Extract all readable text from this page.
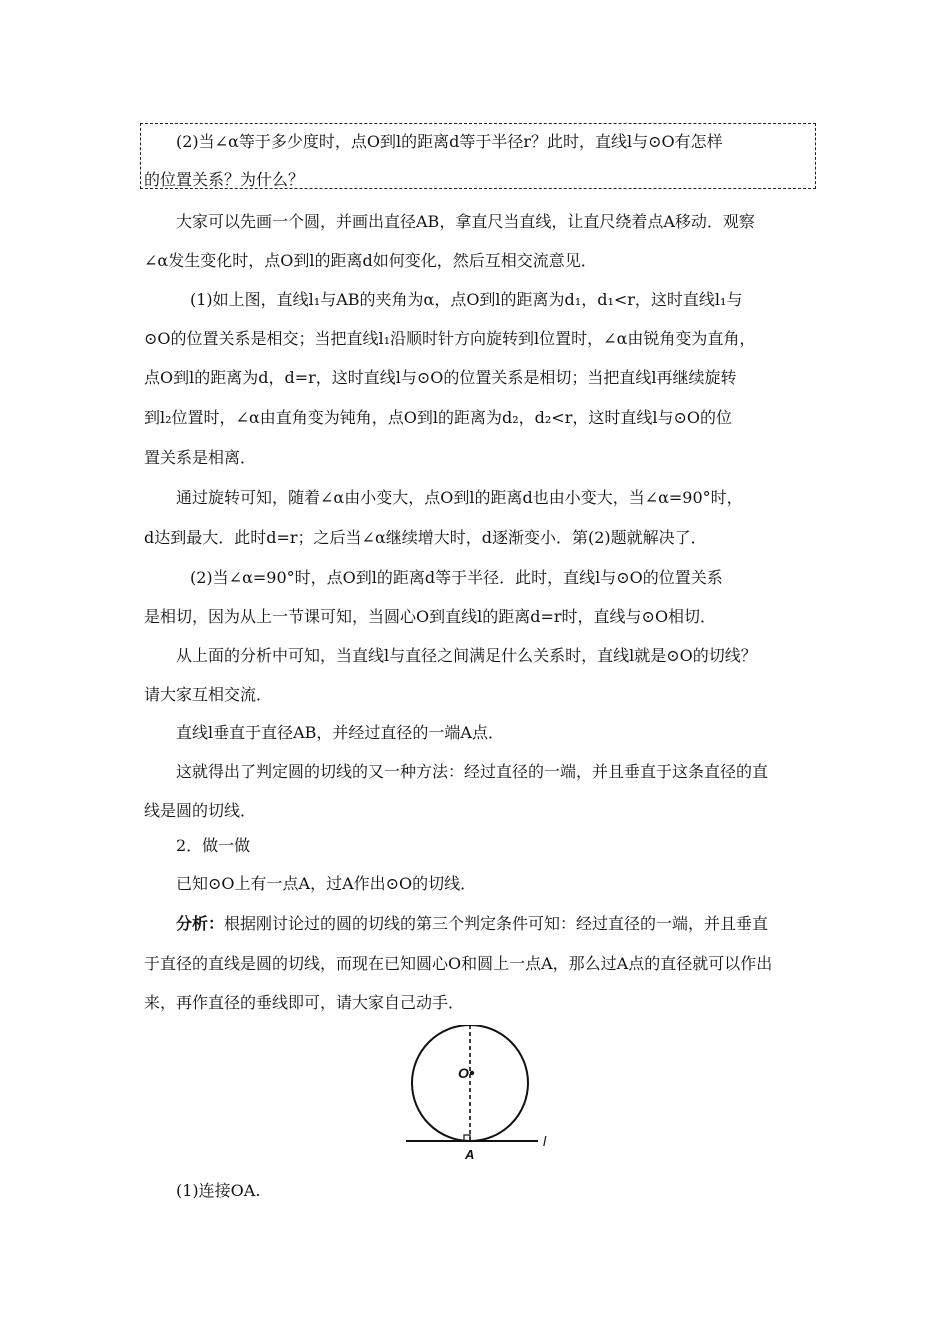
(2)当∠α等于多少度时，点O到l的距离d等于半径r？此时，直线l与⊙O有怎样
的位置关系？为什么？
大家可以先画一个圆，并画出直径AB，拿直尺当直线，让直尺绕着点A移动．观察
∠α发生变化时，点O到l的距离d如何变化，然后互相交流意见．
(1)如上图，直线l₁与AB的夹角为α，点O到l的距离为d₁，d₁<r，这时直线l₁与
⊙O的位置关系是相交；当把直线l₁沿顺时针方向旋转到l位置时，∠α由锐角变为直角，
点O到l的距离为d，d=r，这时直线l与⊙O的位置关系是相切；当把直线l再继续旋转
到l₂位置时，∠α由直角变为钝角，点O到l的距离为d₂，d₂<r，这时直线l与⊙O的位
置关系是相离．
通过旋转可知，随着∠α由小变大，点O到l的距离d也由小变大，当∠α=90°时，
d达到最大．此时d=r；之后当∠α继续增大时，d逐渐变小．第(2)题就解决了．
(2)当∠α=90°时，点O到l的距离d等于半径．此时，直线l与⊙O的位置关系
是相切，因为从上一节课可知，当圆心O到直线l的距离d=r时，直线与⊙O相切．
从上面的分析中可知，当直线l与直径之间满足什么关系时，直线l就是⊙O的切线？
请大家互相交流．
直线l垂直于直径AB，并经过直径的一端A点．
这就得出了判定圆的切线的又一种方法：经过直径的一端，并且垂直于这条直径的直
线是圆的切线．
2．做一做
已知⊙O上有一点A，过A作出⊙O的切线．
分析：根据刚讨论过的圆的切线的第三个判定条件可知：经过直径的一端，并且垂直
于直径的直线是圆的切线，而现在已知圆心O和圆上一点A，那么过A点的直径就可以作出
来，再作直径的垂线即可，请大家自己动手．
O
A
l
(1)连接OA.
